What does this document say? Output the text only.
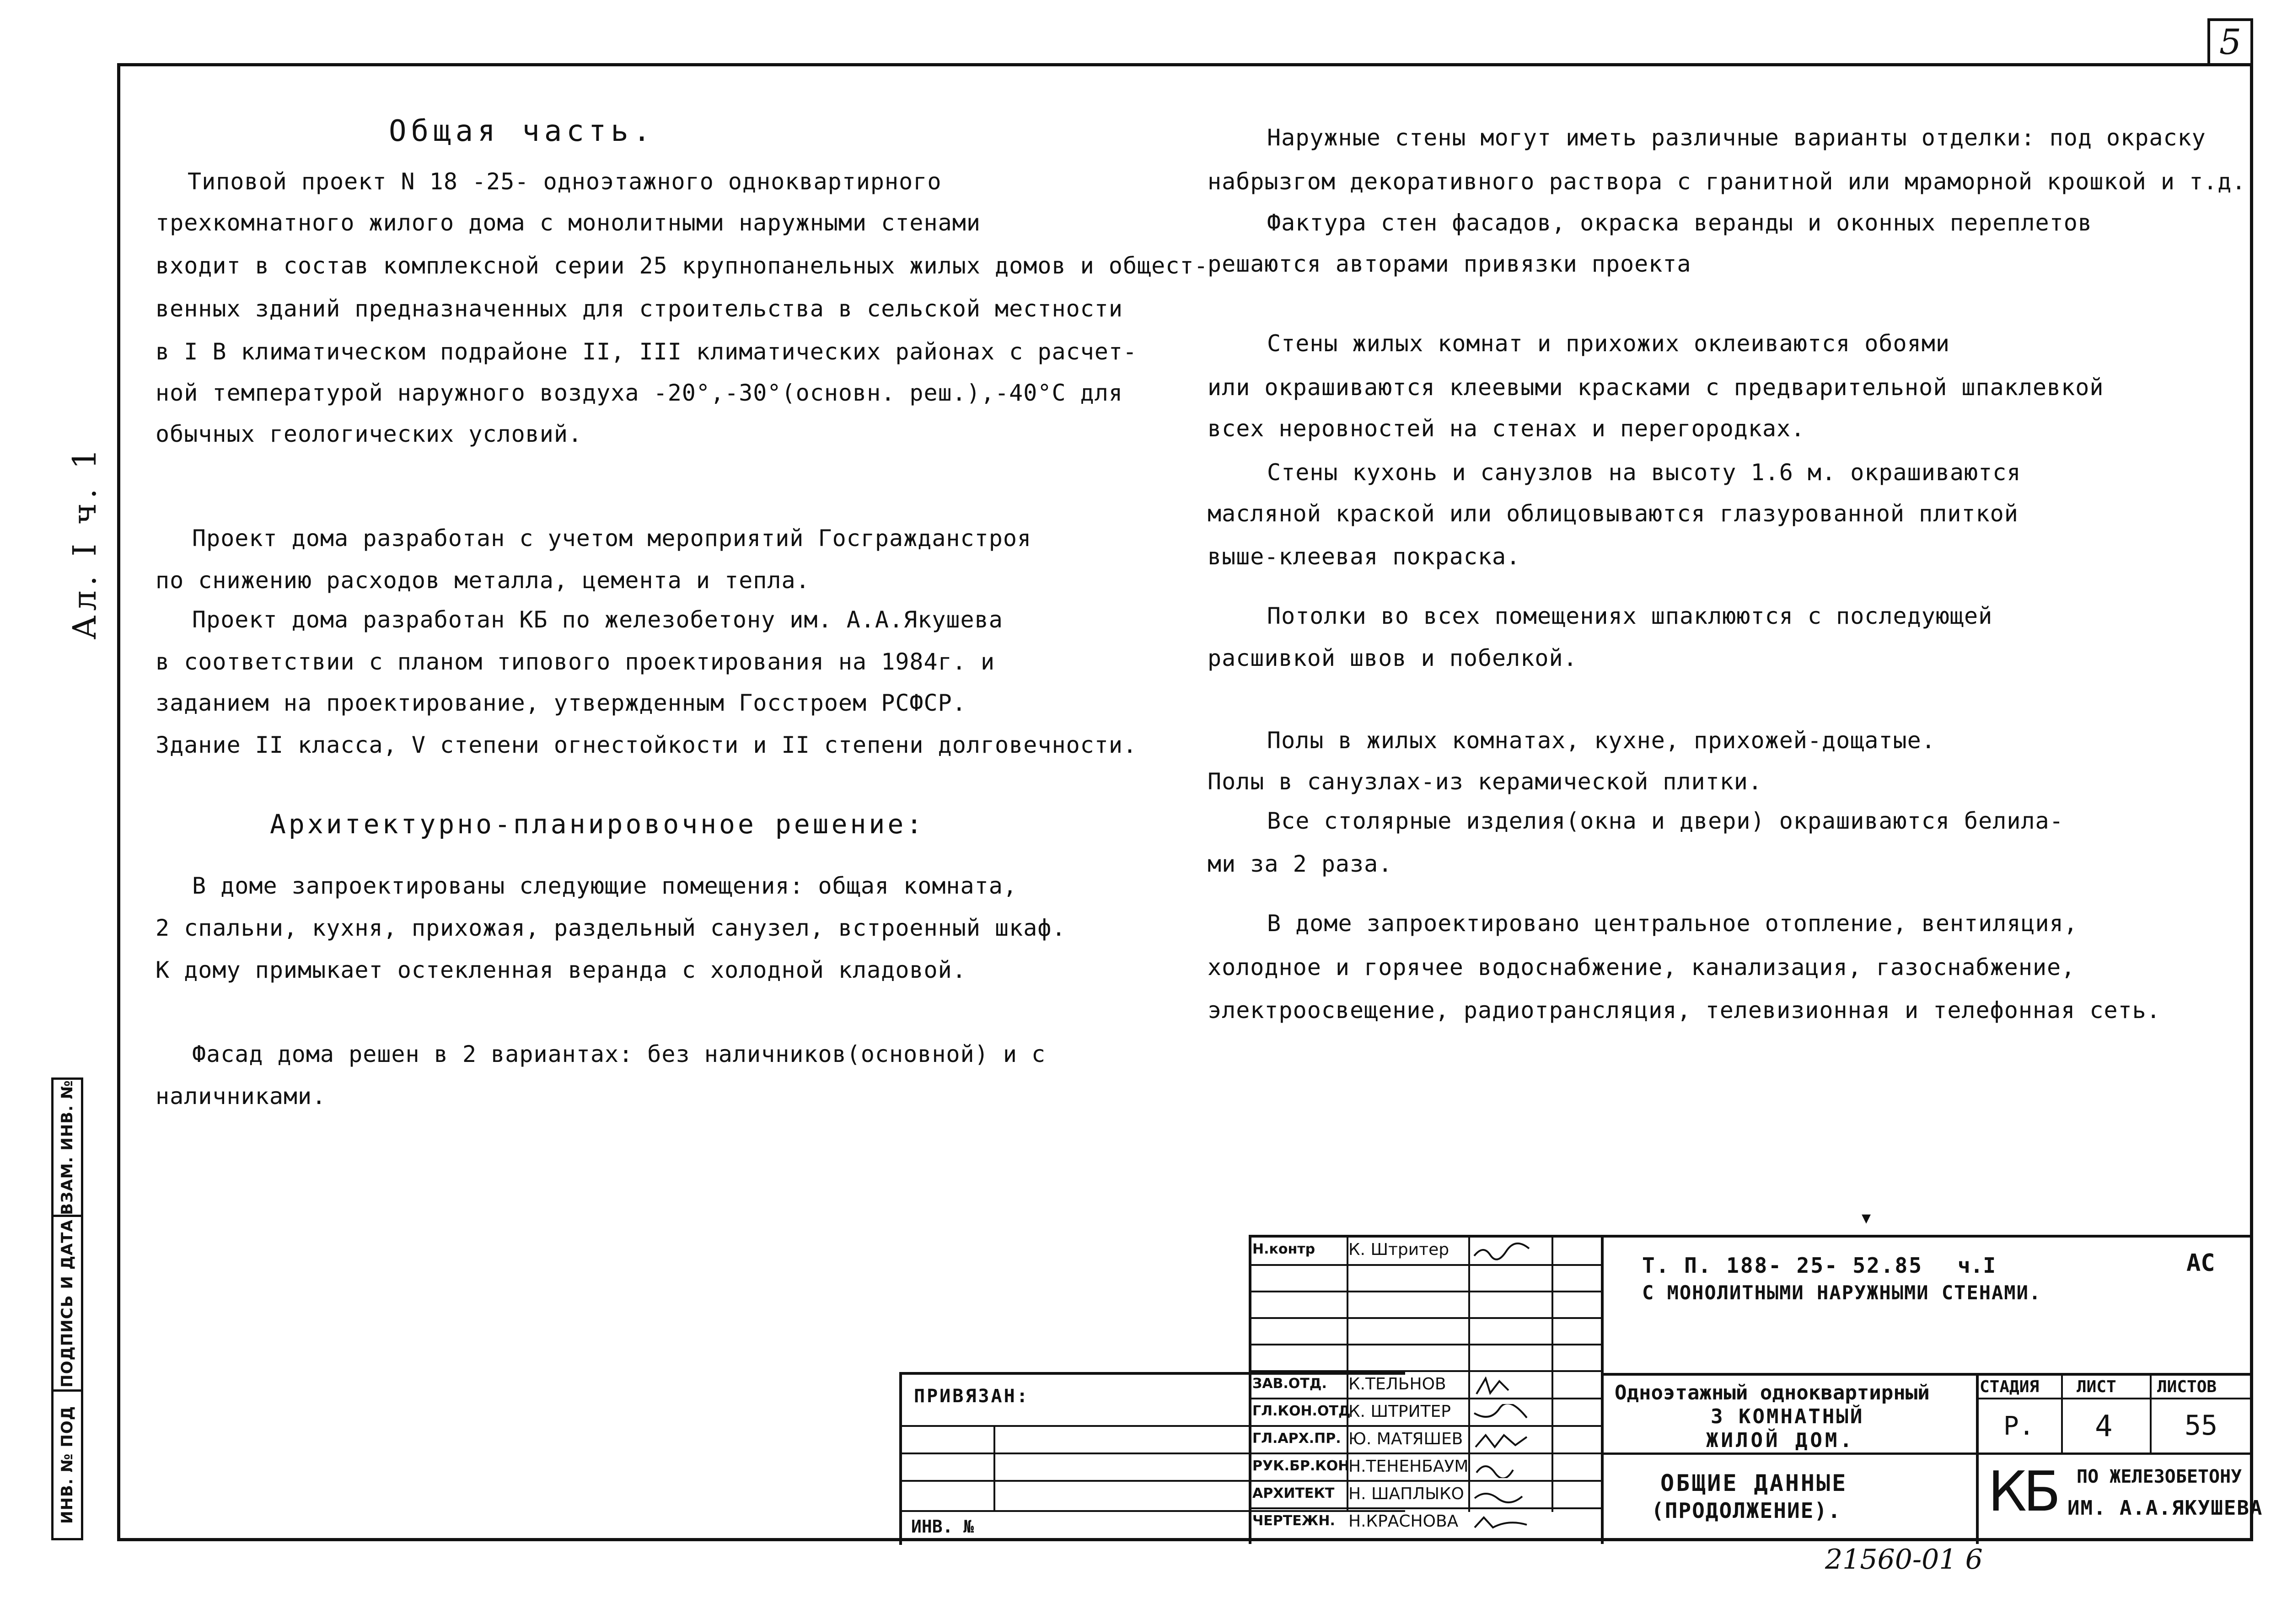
5
Ал. I ч. 1
ИНВ. № ПОД
ПОДПИСЬ И ДАТА
ВЗАМ. ИНВ. №

Общая часть.

Типовой проект N 18 -25- одноэтажного одноквартирного

трехкомнатного жилого дома с монолитными наружными стенами

входит в состав комплексной серии 25 крупнопанельных жилых домов и общест-

венных зданий предназначенных для строительства в сельской местности

в I В климатическом подрайоне II, III климатических районах с расчет-

ной температурой наружного воздуха -20°,-30°(основн. реш.),-40°С для

обычных геологических условий.

Проект дома разработан с учетом мероприятий Госгражданстроя

по снижению расходов металла, цемента и тепла.

Проект дома разработан КБ по железобетону им. А.А.Якушева

в соответствии с планом типового проектирования на 1984г. и

заданием на проектирование, утвержденным Госстроем РСФСР.

Здание II класса, V степени огнестойкости и II степени долговечности.

Архитектурно-планировочное решение:

В доме запроектированы следующие помещения: общая комната,

2 спальни, кухня, прихожая, раздельный санузел, встроенный шкаф.

К дому примыкает остекленная веранда с холодной кладовой.

Фасад дома решен в 2 вариантах: без наличников(основной) и с

наличниками.

Наружные стены могут иметь различные варианты отделки: под окраску

набрызгом декоративного раствора с гранитной или мраморной крошкой и т.д.

Фактура стен фасадов, окраска веранды и оконных переплетов

решаются авторами привязки проекта

Стены жилых комнат и прихожих оклеиваются обоями

или окрашиваются клеевыми красками с предварительной шпаклевкой

всех неровностей на стенах и перегородках.

Стены кухонь и санузлов на высоту 1.6 м. окрашиваются

масляной краской или облицовываются глазурованной плиткой

выше-клеевая покраска.

Потолки во всех помещениях шпаклюются с последующей

расшивкой швов и побелкой.

Полы в жилых комнатах, кухне, прихожей-дощатые.

Полы в санузлах-из керамической плитки.

Все столярные изделия(окна и двери) окрашиваются белила-

ми за 2 раза.

В доме запроектировано центральное отопление, вентиляция,

холодное и горячее водоснабжение, канализация, газоснабжение,

электроосвещение, радиотрансляция, телевизионная и телефонная сеть.

▾
ПРИВЯЗАН:
ИНВ. №
Н.контр К. Штритер
ЗАВ.ОТД. К.ТЕЛЬНОВ
ГЛ.КОН.ОТД
К. ШТРИТЕР
ГЛ.АРХ.ПР. Ю. МАТЯШЕВ
РУК.БР.КОН
Н.ТЕНЕНБАУМ
АРХИТЕКТ Н. ШАПЛЫКО
ЧЕРТЕЖН. Н.КРАСНОВА
Т. П. 188- 25- 52.85 ч.I	АС
С МОНОЛИТНЫМИ НАРУЖНЫМИ СТЕНАМИ.
Одноэтажный одноквартирный
3 КОМНАТНЫЙ
ЖИЛОЙ ДОМ.
ОБЩИЕ ДАННЫЕ
(ПРОДОЛЖЕНИЕ).
СТАДИЯ ЛИСТ ЛИСТОВ
Р. 4	55
КБ ПО ЖЕЛЕЗОБЕТОНУ
ИМ. А.А.ЯКУШЕВА
21560-01 6
